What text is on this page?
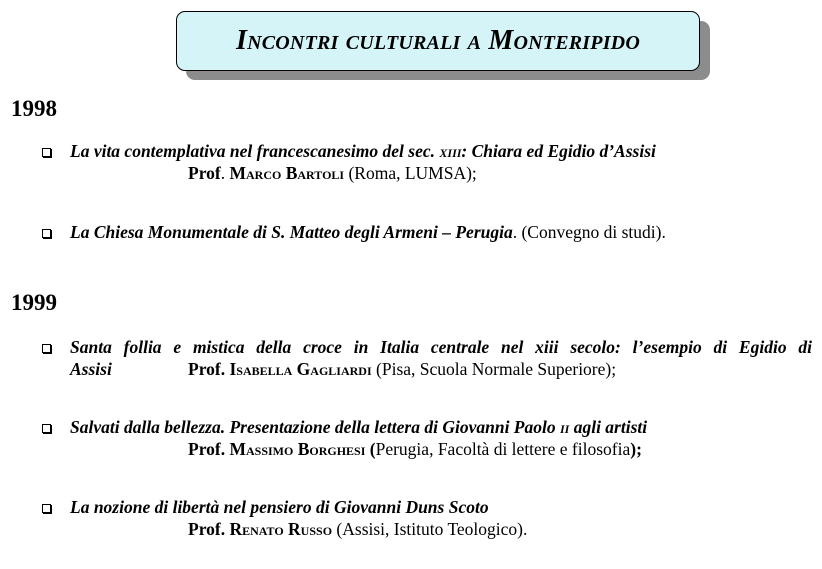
Incontri culturali a Monteripido
1998
La vita contemplativa nel francescanesimo del sec. xiii: Chiara ed Egidio d’Assisi
Prof. Marco Bartoli (Roma, LUMSA);
La Chiesa Monumentale di S. Matteo degli Armeni – Perugia. (Convegno di studi).
1999
Santa follia e mistica della croce in Italia centrale nel xiii secolo: l’esempio di Egidio di
Assisi	Prof. Isabella Gagliardi (Pisa, Scuola Normale Superiore);
Salvati dalla bellezza. Presentazione della lettera di Giovanni Paolo ii agli artisti
Prof. Massimo Borghesi (Perugia, Facoltà di lettere e filosofia);
La nozione di libertà nel pensiero di Giovanni Duns Scoto
Prof. Renato Russo (Assisi, Istituto Teologico).
